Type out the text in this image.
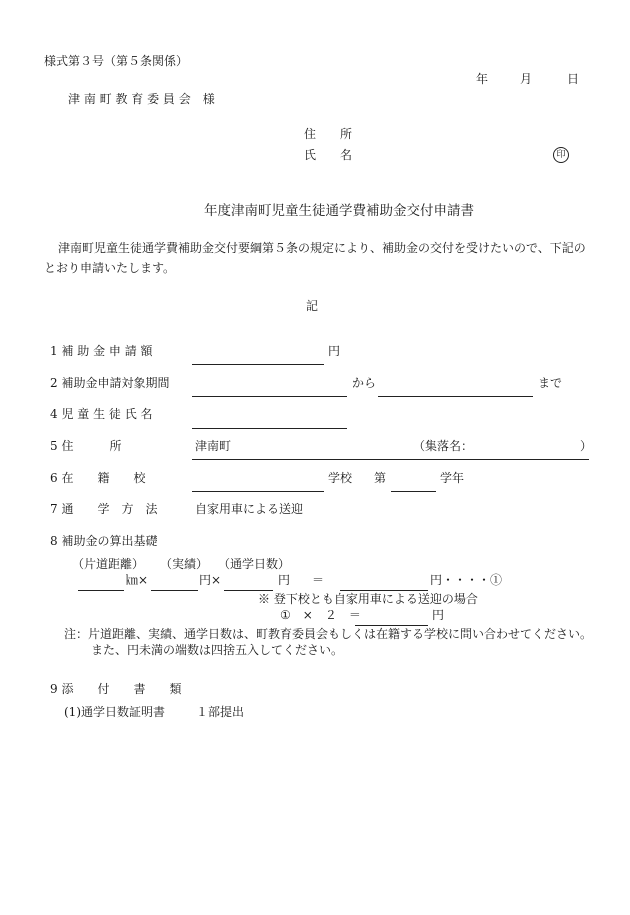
様式第３号（第５条関係）
年	月	日
津 南 町 教 育 委 員 会　様
住　　所
氏　　名	印
年度津南町児童生徒通学費補助金交付申請書
津南町児童生徒通学費補助金交付要綱第５条の規定により、補助金の交付を受けたいので、下記の
とおり申請いたします。
記
1 補 助 金 申 請 額	円
2 補助金申請対象期間	から	まで
4 児 童 生 徒 氏 名
5 住　　　所	津南町	（集落名：	）
6 在　　籍　　校	学校 第	学年
7 通　　学　方　法	自家用車による送迎
8 補助金の算出基礎
（片道距離） （実績） （通学日数）
㎞×	円×	円 ＝	円・・・・①
※ 登下校とも自家用車による送迎の場合
①　×　２　＝	円
注：片道距離、実績、通学日数は、町教育委員会もしくは在籍する学校に問い合わせてください。
また、円未満の端数は四捨五入してください。
9 添　　付　　書　　類
(1)通学日数証明書	１部提出
